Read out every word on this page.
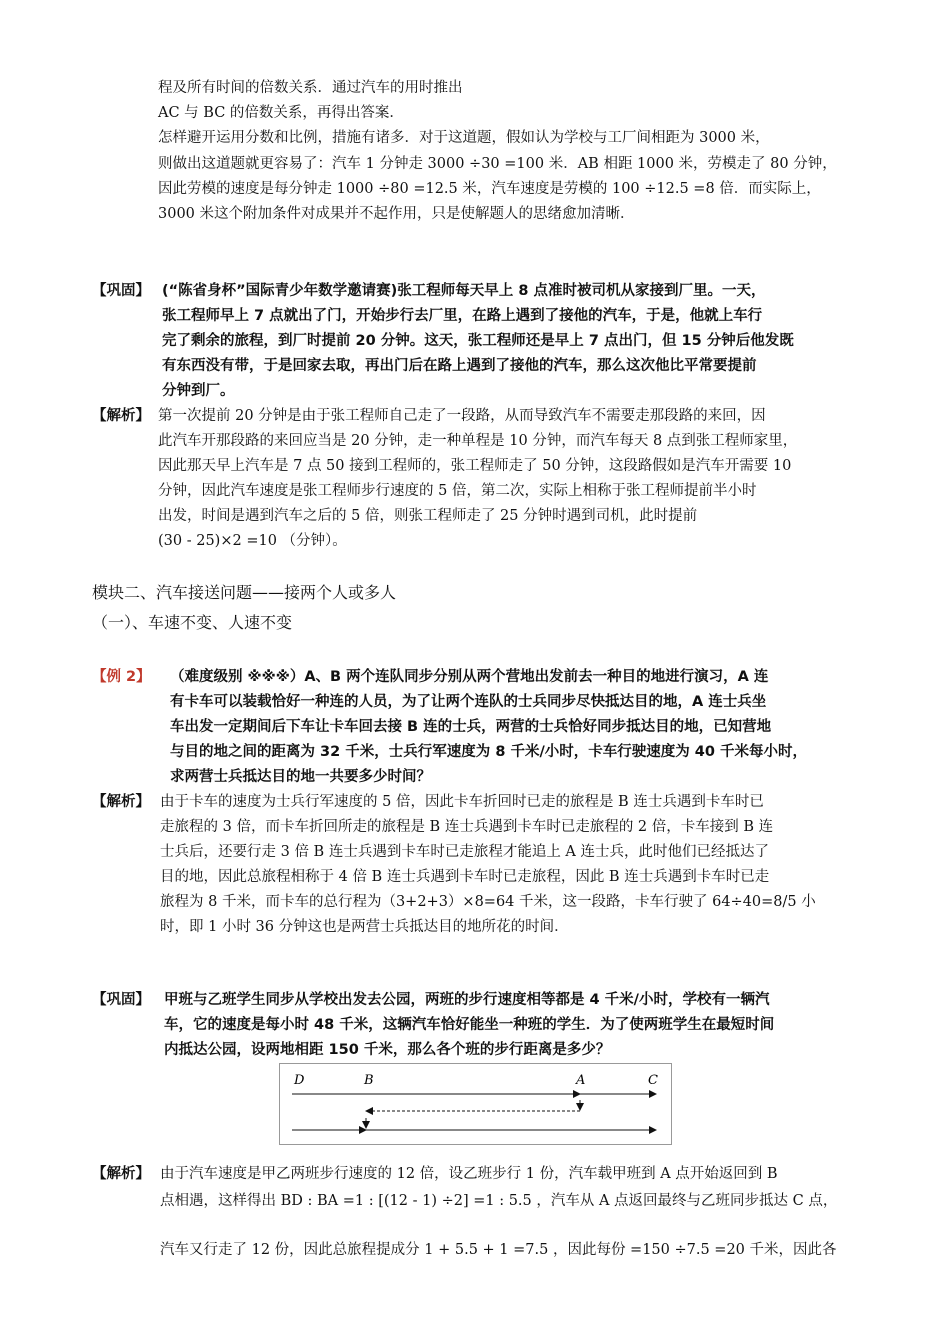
程及所有时间的倍数关系．通过汽车的用时推出
AC 与 BC 的倍数关系，再得出答案．
怎样避开运用分数和比例，措施有诸多．对于这道题，假如认为学校与工厂间相距为 3000 米，
则做出这道题就更容易了：汽车 1 分钟走 3000 ÷30 =100 米．AB 相距 1000 米，劳模走了 80 分钟，
因此劳模的速度是每分钟走 1000 ÷80 =12.5 米，汽车速度是劳模的 100 ÷12.5 =8 倍．而实际上，
3000 米这个附加条件对成果并不起作用，只是使解题人的思绪愈加清晰．
【巩固】 (“陈省身杯”国际青少年数学邀请赛)张工程师每天早上 8 点准时被司机从家接到厂里。一天，
张工程师早上 7 点就出了门，开始步行去厂里，在路上遇到了接他的汽车，于是，他就上车行
完了剩余的旅程，到厂时提前 20 分钟。这天，张工程师还是早上 7 点出门，但 15 分钟后他发既
有东西没有带，于是回家去取，再出门后在路上遇到了接他的汽车，那么这次他比平常要提前
分钟到厂。
【解析】 第一次提前 20 分钟是由于张工程师自己走了一段路，从而导致汽车不需要走那段路的来回，因
此汽车开那段路的来回应当是 20 分钟，走一种单程是 10 分钟，而汽车每天 8 点到张工程师家里，
因此那天早上汽车是 7 点 50 接到工程师的，张工程师走了 50 分钟，这段路假如是汽车开需要 10
分钟，因此汽车速度是张工程师步行速度的 5 倍，第二次，实际上相称于张工程师提前半小时
出发，时间是遇到汽车之后的 5 倍，则张工程师走了 25 分钟时遇到司机，此时提前
(30 - 25)×2 =10 （分钟）。
模块二、汽车接送问题——接两个人或多人
（一）、车速不变、人速不变
【例 2】 （难度级别 ※※※）A、B 两个连队同步分别从两个营地出发前去一种目的地进行演习，A 连
有卡车可以装载恰好一种连的人员，为了让两个连队的士兵同步尽快抵达目的地，A 连士兵坐
车出发一定期间后下车让卡车回去接 B 连的士兵，两营的士兵恰好同步抵达目的地，已知营地
与目的地之间的距离为 32 千米，士兵行军速度为 8 千米/小时，卡车行驶速度为 40 千米每小时，
求两营士兵抵达目的地一共要多少时间？
【解析】 由于卡车的速度为士兵行军速度的 5 倍，因此卡车折回时已走的旅程是 B 连士兵遇到卡车时已
走旅程的 3 倍，而卡车折回所走的旅程是 B 连士兵遇到卡车时已走旅程的 2 倍，卡车接到 B 连
士兵后，还要行走 3 倍 B 连士兵遇到卡车时已走旅程才能追上 A 连士兵，此时他们已经抵达了
目的地，因此总旅程相称于 4 倍 B 连士兵遇到卡车时已走旅程，因此 B 连士兵遇到卡车时已走
旅程为 8 千米，而卡车的总行程为（3+2+3）×8=64 千米，这一段路，卡车行驶了 64÷40=8/5 小
时，即 1 小时 36 分钟这也是两营士兵抵达目的地所花的时间．
【巩固】 甲班与乙班学生同步从学校出发去公园，两班的步行速度相等都是 4 千米/小时，学校有一辆汽
车，它的速度是每小时 48 千米，这辆汽车恰好能坐一种班的学生．为了使两班学生在最短时间
内抵达公园，设两地相距 150 千米，那么各个班的步行距离是多少？
D	B	A	C
【解析】 由于汽车速度是甲乙两班步行速度的 12 倍，设乙班步行 1 份，汽车载甲班到 A 点开始返回到 B
点相遇，这样得出 BD : BA =1 : [(12 - 1) ÷2] =1 : 5.5 ，汽车从 A 点返回最终与乙班同步抵达 C 点，
汽车又行走了 12 份，因此总旅程提成分 1 + 5.5 + 1 =7.5 ，因此每份 =150 ÷7.5 =20 千米，因此各
